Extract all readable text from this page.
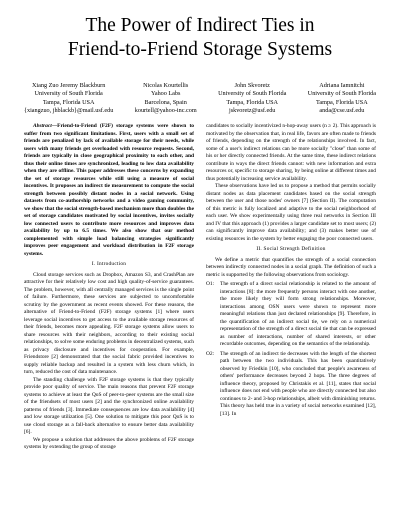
The Power of Indirect Ties in
Friend-to-Friend Storage Systems
Xiang Zuo Jeremy Blackburn
University of South Florida
Tampa, Florida USA
{xiangzuo, jhblackb}@mail.usf.edu
Nicolas Kourtellis
Yahoo Labs
Barcelona, Spain
kourtell@yahoo-inc.com
John Skvoretz
University of South Florida
Tampa, Florida USA
jskvoretz@usf.edu
Adriana Iamnitchi
University of South Florida
Tampa, Florida USA
anda@cse.usf.edu

Abstract—Friend-to-Friend (F2F) storage systems were shown to suffer from two significant limitations. First, users with a small set of friends are penalized by lack of available storage for their needs, while users with many friends get overloaded with resource requests. Second, friends are typically in close geographical proximity to each other, and thus their online times are synchronized, leading to low data availability when they are offline. This paper addresses these concerns by expanding the set of storage resources while still using a measure of social incentives. It proposes an indirect tie measurement to compute the social strength between possibly distant nodes in a social network. Using datasets from co-authorship networks and a video gaming community, we show that the social strength-based mechanism more than doubles the set of storage candidates motivated by social incentives, invites socially low connected users to contribute more resources and improves data availability by up to 6.5 times. We also show that our method complemented with simple load balancing strategies significantly improves peer engagement and workload distribution in F2F storage systems.

I. Introduction

Cloud storage services such as Dropbox, Amazon S3, and CrashPlan are attractive for their relatively low cost and high quality-of-service guarantees. The problem, however, with all centrally managed services is the single point of failure. Furthermore, these services are subjected to uncomfortable scrutiny by the government as recent events showed. For these reasons, the alternative of Friend-to-Friend (F2F) storage systems [1] where users leverage social incentives to get access to the available storage resources of their friends, becomes more appealing. F2F storage systems allow users to share resources with their neighbors, according to their existing social relationships, to solve some enduring problems in decentralized systems, such as privacy disclosure and incentives for cooperation. For example, Friendstore [2] demonstrated that the social fabric provided incentives to supply reliable backup and resulted in a system with less churn which, in turn, reduced the cost of data maintenance.

The standing challenge with F2F storage systems is that they typically provide poor quality of service. The main reasons that prevent F2F storage systems to achieve at least the QoS of peer-to-peer systems are the small size of the friendsets of most users [2] and the synchronized online availability patterns of friends [3]. Immediate consequences are low data availability [4] and low storage utilization [5]. One solution to mitigate this poor QoS is to use cloud storage as a fall-back alternative to ensure better data availability [6].

We propose a solution that addresses the above problems of F2F storage systems by extending the group of storage

candidates to socially incentivized n-hop-away users (n ≥ 2). This approach is motivated by the observation that, in real life, favors are often made to friends of friends, depending on the strength of the relationships involved. In fact, some of a user's indirect relations can be more socially "close" than some of his or her directly connected friends. At the same time, these indirect relations contribute in ways the direct friends cannot: with new information and extra resources or, specific to storage sharing, by being online at different times and thus potentially increasing service availability.

These observations have led us to propose a method that permits socially distant nodes as data placement candidates based on the social strength between the user and those nodes' owners [7] (Section II). The computation of this metric is fully localized and adaptive to the social neighborhood of each user. We show experimentally using three real networks in Section III and IV that this approach (1) provides a larger candidate set to most users; (2) can significantly improve data availability; and (3) makes better use of existing resources in the system by better engaging the poor connected users.

II. Social Strength Definition

We define a metric that quantifies the strength of a social connection between indirectly connected nodes in a social graph. The definition of such a metric is supported by the following observations from sociology.

O1:	The strength of a direct social relationship is related to the amount of interactions [8]: the more frequently persons interact with one another, the more likely they will form strong relationships. Moreover, interactions among OSN users were shown to represent more meaningful relations than just declared relationships [9]. Therefore, in the quantification of an indirect social tie, we rely on a numerical representation of the strength of a direct social tie that can be expressed as number of interactions, number of shared interests, or other recordable outcomes, depending on the semantics of the relationship.
O2:	The strength of an indirect tie decreases with the length of the shortest path between the two individuals. This has been quantitatively observed by Friedkin [10], who concluded that people's awareness of others' performance decreases beyond 2 hops. The three degrees of influence theory, proposed by Christakis et al. [11], states that social influence does not end with people who are directly connected but also continues to 2- and 3-hop relationships, albeit with diminishing returns. This theory has held true in a variety of social networks examined [12], [13]. In
